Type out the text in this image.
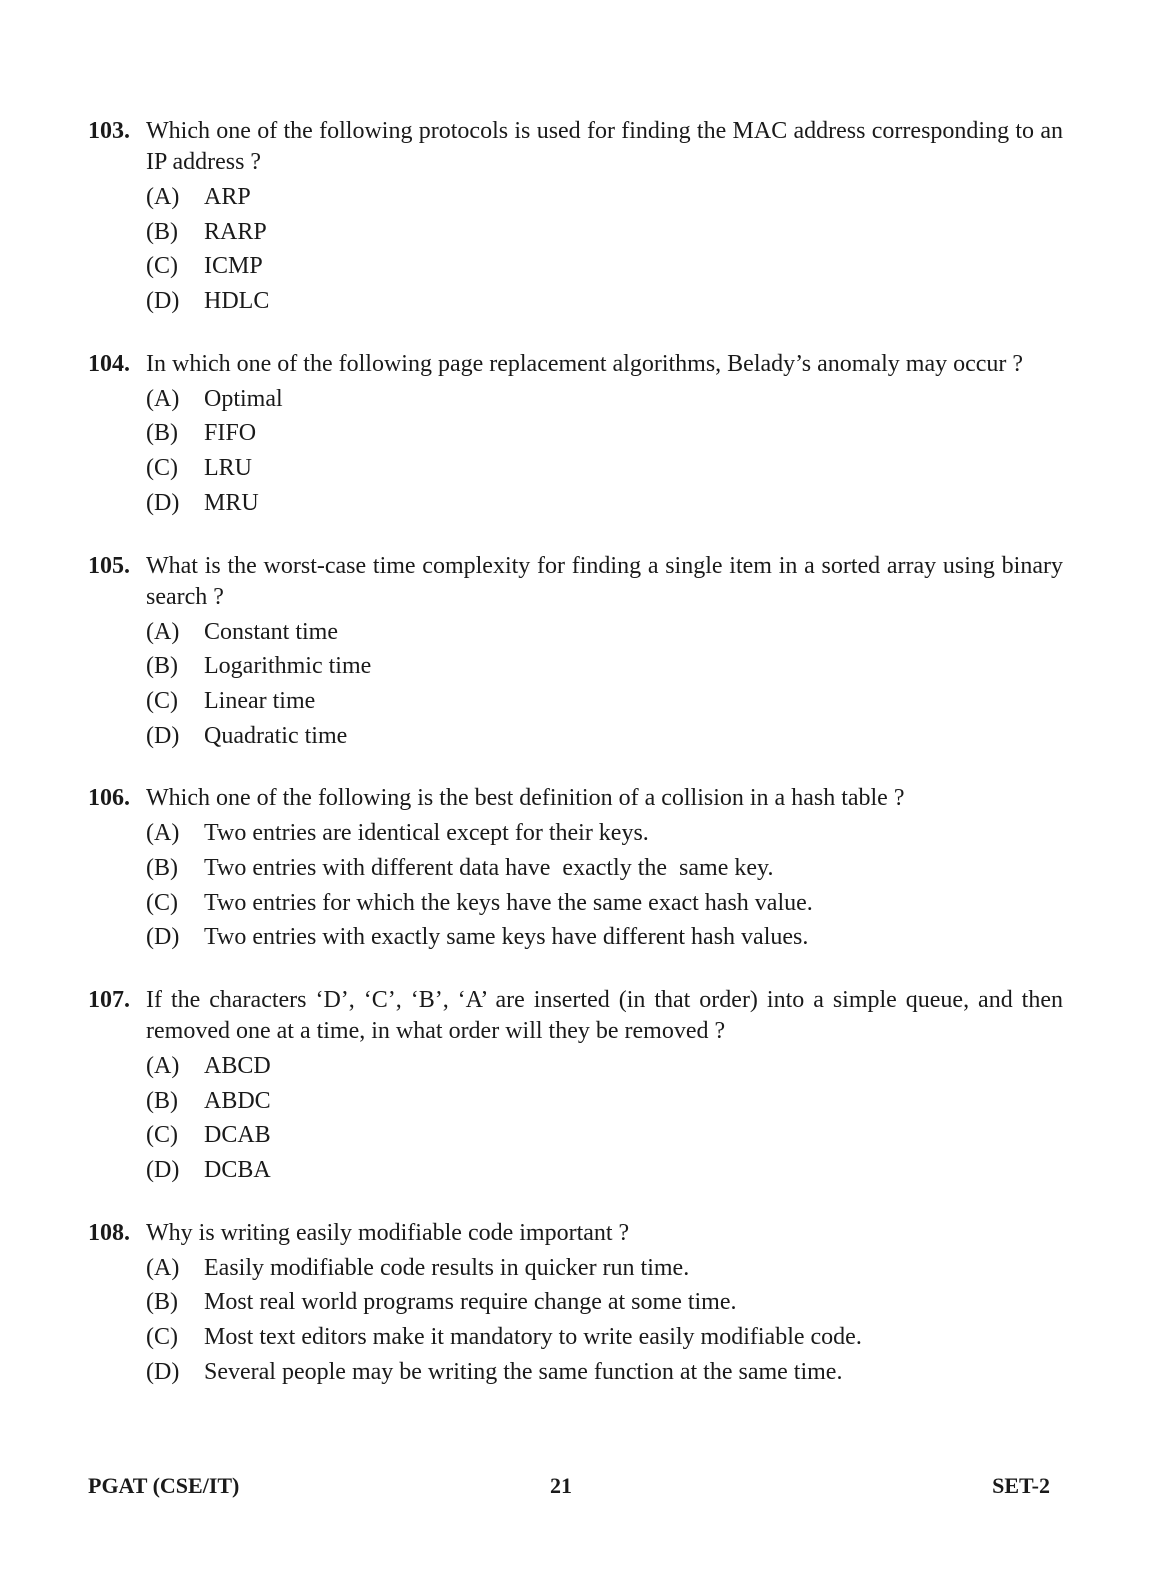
103. Which one of the following protocols is used for finding the MAC address corresponding to an IP address ?
(A) ARP
(B) RARP
(C) ICMP
(D) HDLC
104. In which one of the following page replacement algorithms, Belady’s anomaly may occur ?
(A) Optimal
(B) FIFO
(C) LRU
(D) MRU
105. What is the worst-case time complexity for finding a single item in a sorted array using binary search ?
(A) Constant time
(B) Logarithmic time
(C) Linear time
(D) Quadratic time
106. Which one of the following is the best definition of a collision in a hash table ?
(A) Two entries are identical except for their keys.
(B) Two entries with different data have  exactly the  same key.
(C) Two entries for which the keys have the same exact hash value.
(D) Two entries with exactly same keys have different hash values.
107. If the characters ‘D’, ‘C’, ‘B’, ‘A’ are inserted (in that order) into a simple queue, and then removed one at a time, in what order will they be removed ?
(A) ABCD
(B) ABDC
(C) DCAB
(D) DCBA
108. Why is writing easily modifiable code important ?
(A) Easily modifiable code results in quicker run time.
(B) Most real world programs require change at some time.
(C) Most text editors make it mandatory to write easily modifiable code.
(D) Several people may be writing the same function at the same time.
PGAT (CSE/IT)	21	SET-2
